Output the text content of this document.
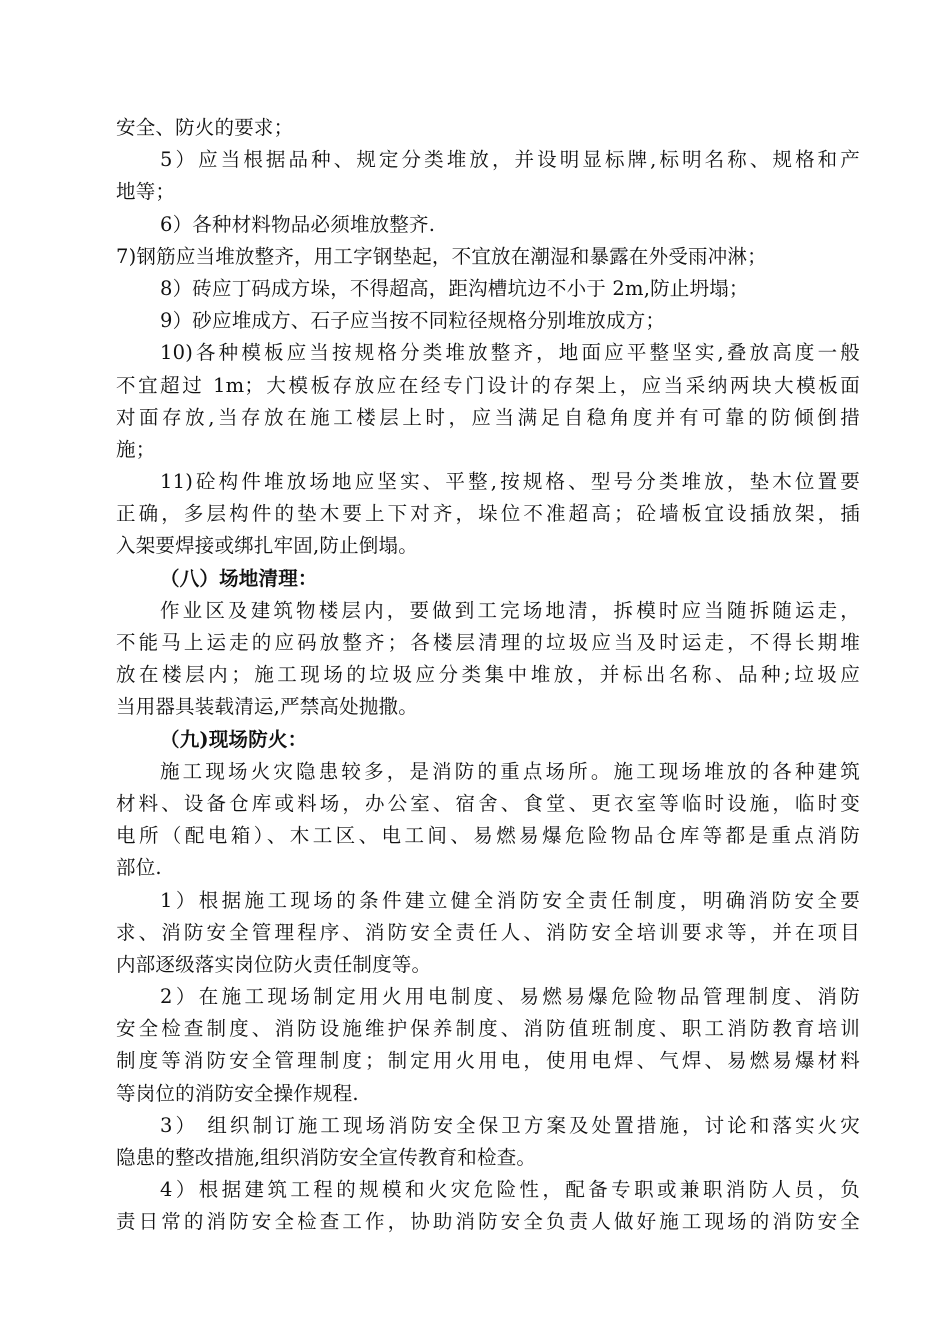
安全、防火的要求；
5）应当根据品种、规定分类堆放，并设明显标牌,标明名称、规格和产
地等；
6）各种材料物品必须堆放整齐.
7)钢筋应当堆放整齐，用工字钢垫起，不宜放在潮湿和暴露在外受雨冲淋；
8）砖应丁码成方垛，不得超高，距沟槽坑边不小于 2m,防止坍塌；
9）砂应堆成方、石子应当按不同粒径规格分别堆放成方；
10)各种模板应当按规格分类堆放整齐，地面应平整坚实,叠放高度一般
不宜超过 1m；大模板存放应在经专门设计的存架上，应当采纳两块大模板面
对面存放,当存放在施工楼层上时，应当满足自稳角度并有可靠的防倾倒措
施；
11)砼构件堆放场地应坚实、平整,按规格、型号分类堆放，垫木位置要
正确，多层构件的垫木要上下对齐，垛位不准超高；砼墙板宜设插放架，插
入架要焊接或绑扎牢固,防止倒塌。
（八）场地清理：
作业区及建筑物楼层内，要做到工完场地清，拆模时应当随拆随运走，
不能马上运走的应码放整齐；各楼层清理的垃圾应当及时运走，不得长期堆
放在楼层内；施工现场的垃圾应分类集中堆放，并标出名称、品种;垃圾应
当用器具装载清运,严禁高处抛撒。
（九)现场防火：
施工现场火灾隐患较多，是消防的重点场所。施工现场堆放的各种建筑
材料、设备仓库或料场，办公室、宿舍、食堂、更衣室等临时设施，临时变
电所（配电箱）、木工区、电工间、易燃易爆危险物品仓库等都是重点消防
部位.
1）根据施工现场的条件建立健全消防安全责任制度，明确消防安全要
求、消防安全管理程序、消防安全责任人、消防安全培训要求等，并在项目
内部逐级落实岗位防火责任制度等。
2）在施工现场制定用火用电制度、易燃易爆危险物品管理制度、消防
安全检查制度、消防设施维护保养制度、消防值班制度、职工消防教育培训
制度等消防安全管理制度；制定用火用电，使用电焊、气焊、易燃易爆材料
等岗位的消防安全操作规程.
3） 组织制订施工现场消防安全保卫方案及处置措施，讨论和落实火灾
隐患的整改措施,组织消防安全宣传教育和检查。
4）根据建筑工程的规模和火灾危险性，配备专职或兼职消防人员，负
责日常的消防安全检查工作，协助消防安全负责人做好施工现场的消防安全
